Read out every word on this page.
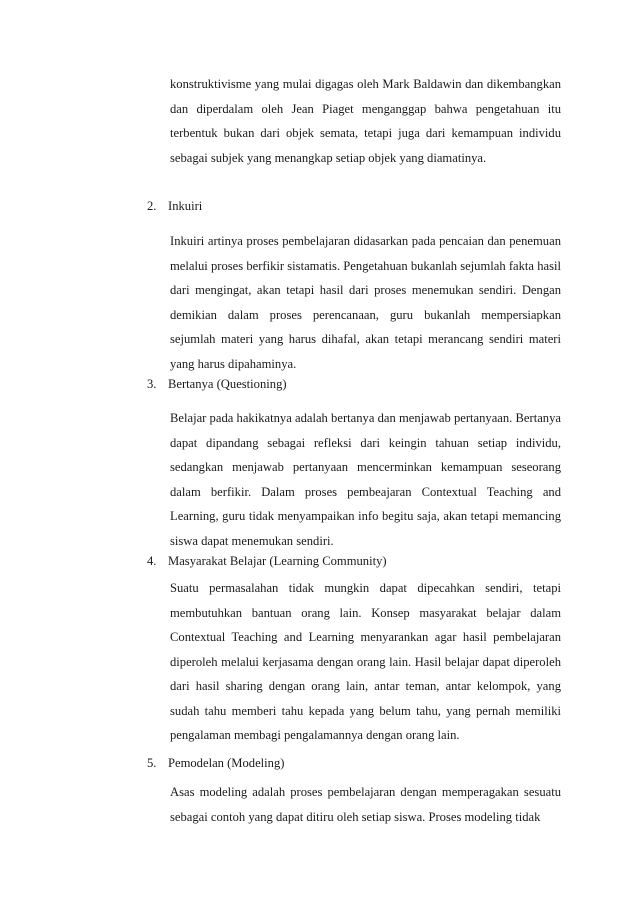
konstruktivisme yang mulai digagas oleh Mark Baldawin dan dikembangkan dan diperdalam oleh Jean Piaget menganggap bahwa pengetahuan itu terbentuk bukan dari objek semata, tetapi juga dari kemampuan individu sebagai subjek yang menangkap setiap objek yang diamatinya.

2. Inkuiri

Inkuiri artinya proses pembelajaran didasarkan pada pencaian dan penemuan melalui proses berfikir sistamatis. Pengetahuan bukanlah sejumlah fakta hasil dari mengingat, akan tetapi hasil dari proses menemukan sendiri. Dengan demikian dalam proses perencanaan, guru bukanlah mempersiapkan sejumlah materi yang harus dihafal, akan tetapi merancang sendiri materi yang harus dipahaminya.

3. Bertanya (Questioning)

Belajar pada hakikatnya adalah bertanya dan menjawab pertanyaan. Bertanya dapat dipandang sebagai refleksi dari keingin tahuan setiap individu, sedangkan menjawab pertanyaan mencerminkan kemampuan seseorang dalam berfikir. Dalam proses pembeajaran Contextual Teaching and Learning, guru tidak menyampaikan info begitu saja, akan tetapi memancing siswa dapat menemukan sendiri.

4. Masyarakat Belajar (Learning Community)

Suatu permasalahan tidak mungkin dapat dipecahkan sendiri, tetapi membutuhkan bantuan orang lain. Konsep masyarakat belajar dalam Contextual Teaching and Learning menyarankan agar hasil pembelajaran diperoleh melalui kerjasama dengan orang lain. Hasil belajar dapat diperoleh dari hasil sharing dengan orang lain, antar teman, antar kelompok, yang sudah tahu memberi tahu kepada yang belum tahu, yang pernah memiliki pengalaman membagi pengalamannya dengan orang lain.

5. Pemodelan (Modeling)

Asas modeling adalah proses pembelajaran dengan memperagakan sesuatu sebagai contoh yang dapat ditiru oleh setiap siswa. Proses modeling tidak
